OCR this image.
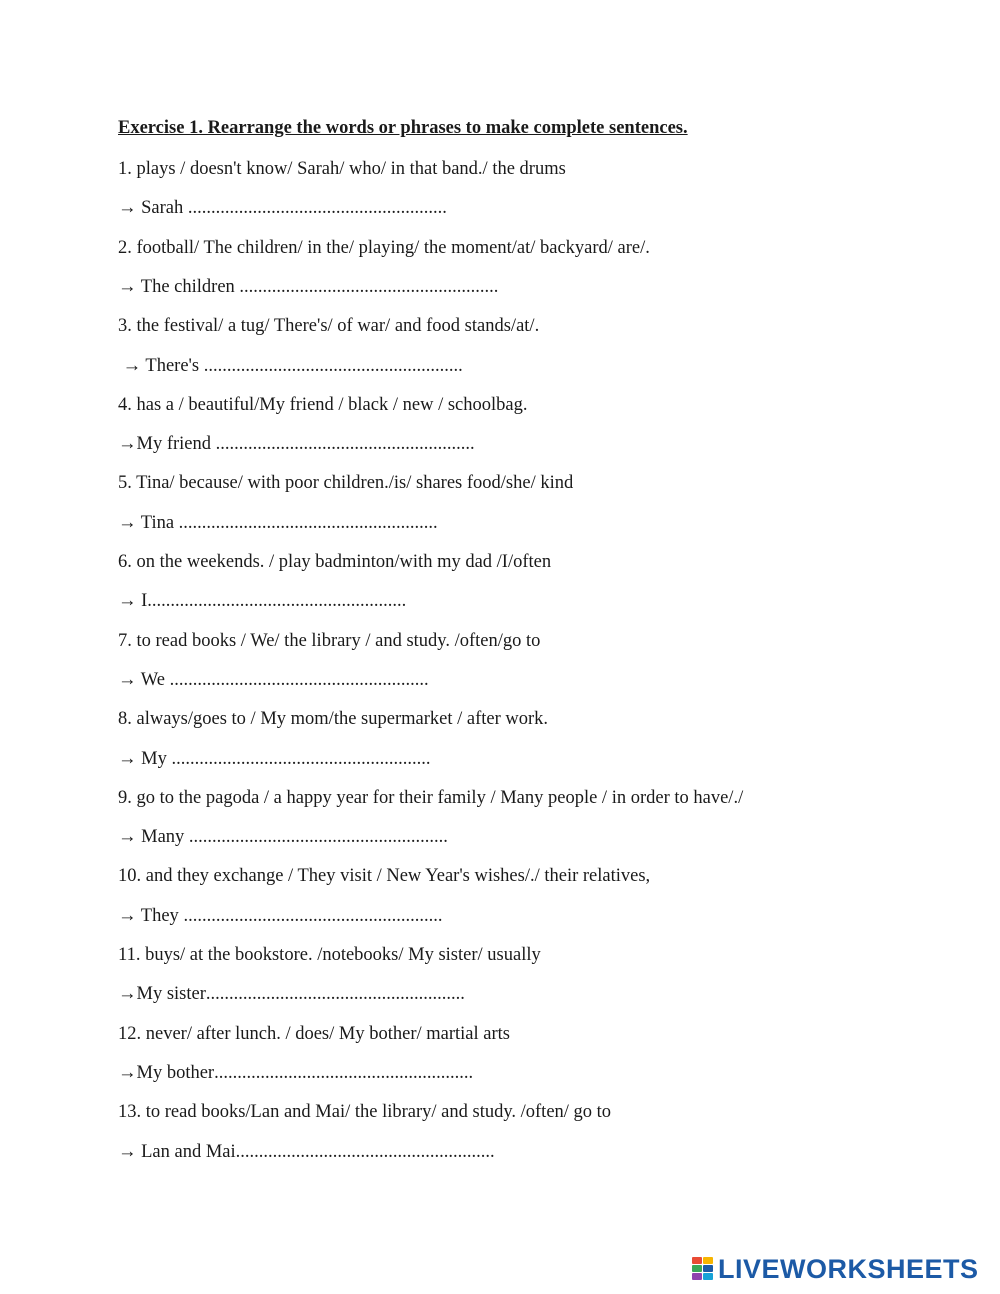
Exercise 1. Rearrange the words or phrases to make complete sentences.
1. plays / doesn't know/ Sarah/ who/ in that band./ the drums
→ Sarah
........................................................
2. football/ The children/ in the/ playing/ the moment/at/ backyard/ are/.
→ The children
........................................................
3. the festival/ a tug/ There's/ of war/ and food stands/at/.
→ There's
........................................................
4. has a / beautiful/My friend / black / new / schoolbag.
→My friend
........................................................
5. Tina/ because/ with poor children./is/ shares food/she/ kind
→ Tina
........................................................
6. on the weekends. / play badminton/with my dad /I/often
→ I
........................................................
7. to read books / We/ the library / and study. /often/go to
→ We
........................................................
8. always/goes to / My mom/the supermarket / after work.
→ My
........................................................
9. go to the pagoda / a happy year for their family / Many people / in order to have/./
→ Many
........................................................
10. and they exchange / They visit / New Year's wishes/./ their relatives,
→ They
........................................................
11. buys/ at the bookstore. /notebooks/ My sister/ usually
→My sister
........................................................
12. never/ after lunch. / does/ My bother/ martial arts
→My bother
........................................................
13. to read books/Lan and Mai/ the library/ and study. /often/ go to
→ Lan and Mai
........................................................
LIVEWORKSHEETS
